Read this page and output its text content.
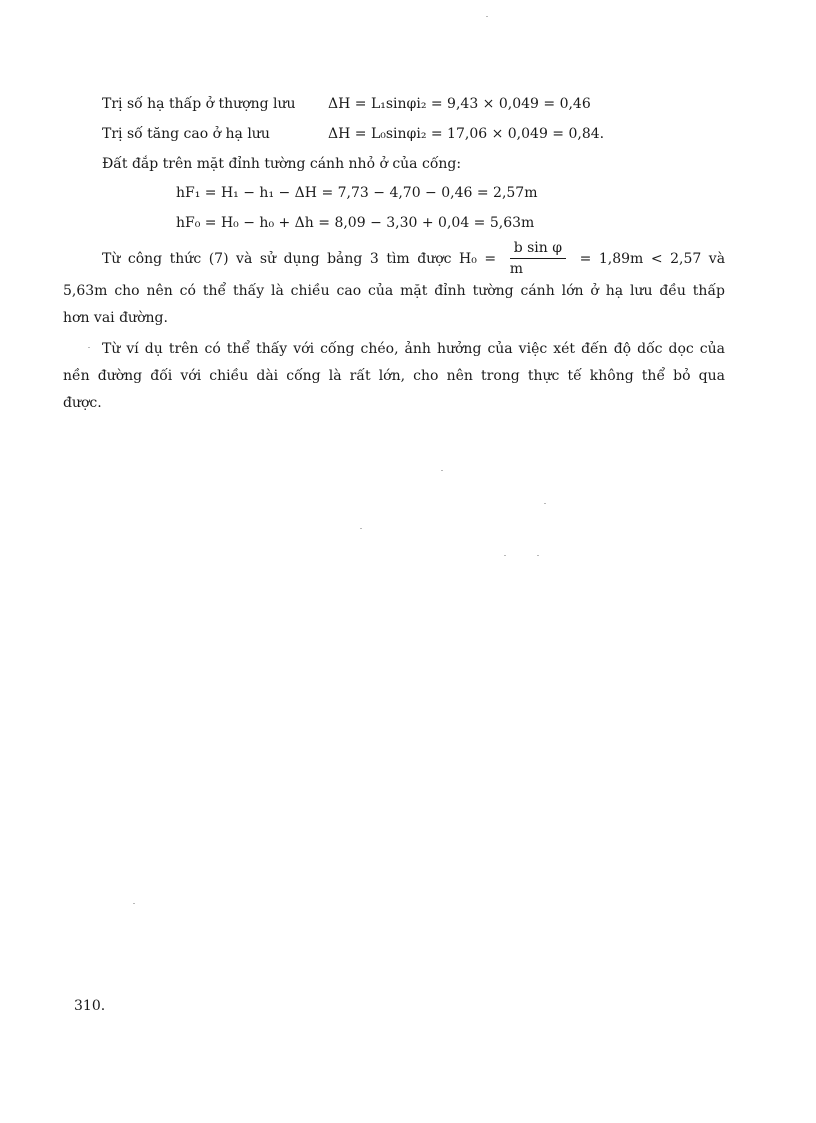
Trị số hạ thấp ở thượng lưu ΔH = L₁sinφi₂ = 9,43 × 0,049 = 0,46
Trị số tăng cao ở hạ lưu	ΔH = L₀sinφi₂ = 17,06 × 0,049 = 0,84.
Đất đắp trên mặt đỉnh tường cánh nhỏ ở của cống:
hF₁ = H₁ − h₁ − ΔH = 7,73 − 4,70 − 0,46 = 2,57m
hF₀ = H₀ − h₀ + Δh = 8,09 − 3,30 + 0,04 = 5,63m
Từ công thức (7) và sử dụng bảng 3 tìm được $H_0 = \frac{\text{b sin φ}}{m} = 1,89m < 2,57$ và
5,63m cho nên có thể thấy là chiều cao của mặt đỉnh tường cánh lớn ở hạ lưu đều thấp
hơn vai đường.
Từ ví dụ trên có thể thấy với cống chéo, ảnh hưởng của việc xét đến độ dốc dọc của
nền đường đối với chiều dài cống là rất lớn, cho nên trong thực tế không thể bỏ qua
được.
310.
